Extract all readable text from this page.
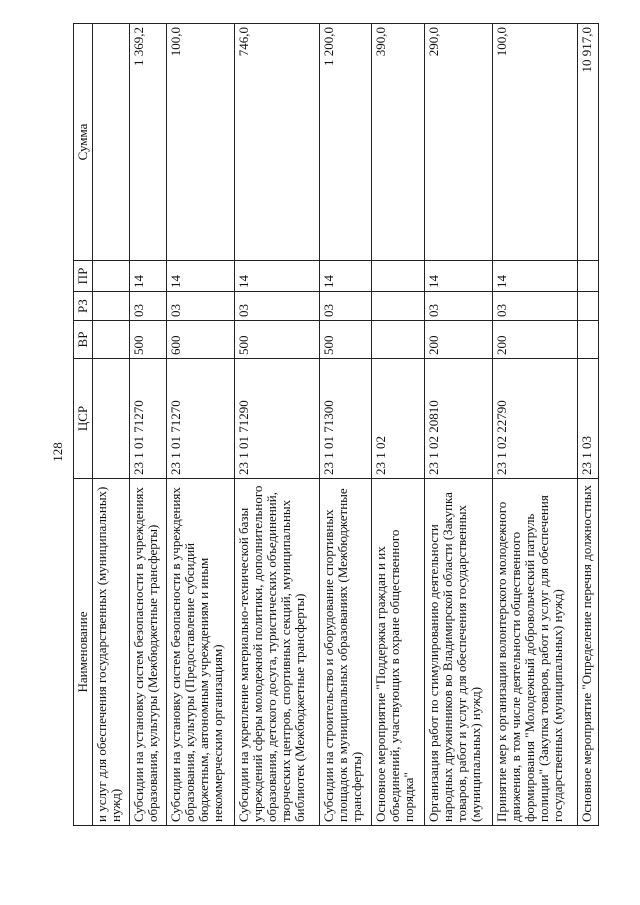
128
Наименование	ЦСР	ВР	РЗ	ПР	Сумма
и услуг для обеспечения государственных (муниципальных) нужд)					
Субсидии на установку систем безопасности в учреждениях образования, культуры (Межбюджетные трансферты)	23 1 01 71270	500	03	14	1 369,2
Субсидии на установку систем безопасности в учреждениях образования, культуры (Предоставление субсидий бюджетным, автономным учреждениям и иным некоммерческим организациям)	23 1 01 71270	600	03	14	100,0
Субсидии на укрепление материально-технической базы учреждений сферы молодежной политики, дополнительного образования, детского досуга, туристических объединений, творческих центров, спортивных секций, муниципальных библиотек (Межбюджетные трансферты)	23 1 01 71290	500	03	14	746,0
Субсидии на строительство и оборудование спортивных площадок в муниципальных образованиях (Межбюджетные трансферты)	23 1 01 71300	500	03	14	1 200,0
Основное мероприятие "Поддержка граждан и их объединений, участвующих в охране общественного порядка"	23 1 02				390,0
Организация работ по стимулированию деятельности народных дружинников во Владимирской области (Закупка товаров, работ и услуг для обеспечения государственных (муниципальных) нужд)	23 1 02 20810	200	03	14	290,0
Принятие мер к организации волонтерского молодежного движения, в том числе деятельности общественного формирования "Молодежный добровольческий патруль полиции" (Закупка товаров, работ и услуг для обеспечения государственных (муниципальных) нужд)	23 1 02 22790	200	03	14	100,0
Основное мероприятие "Определение перечня должностных	23 1 03				10 917,0
